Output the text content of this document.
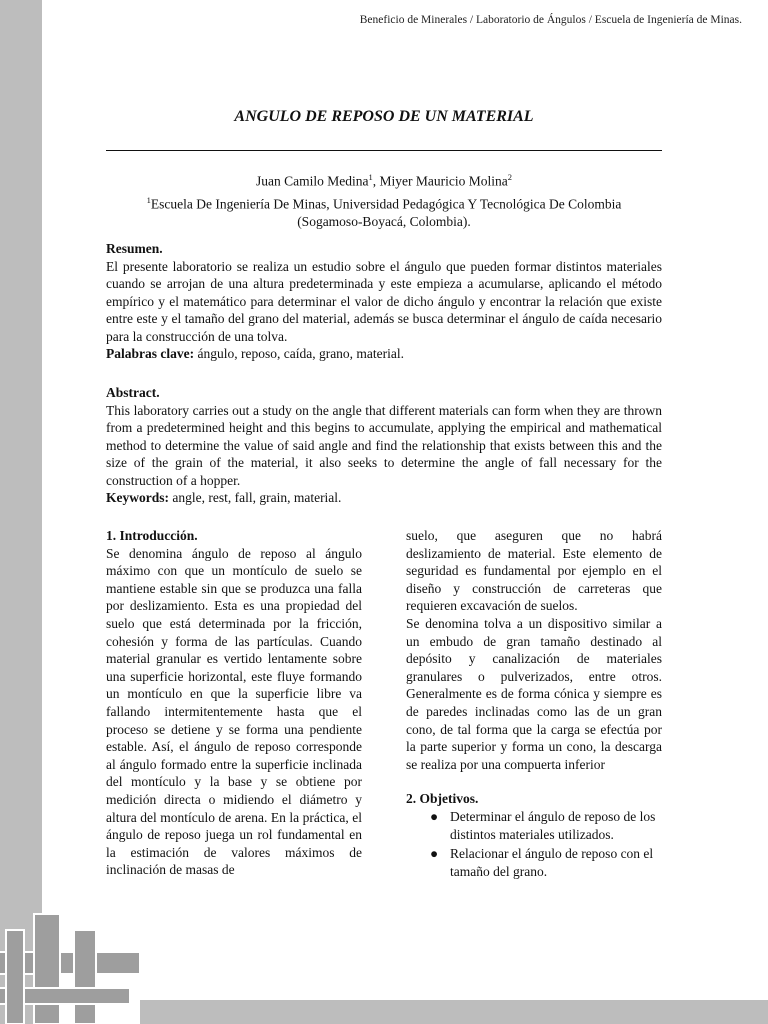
Beneficio de Minerales / Laboratorio de Ángulos / Escuela de Ingeniería de Minas.
ANGULO DE REPOSO DE UN MATERIAL
Juan Camilo Medina$^1$, Miyer Mauricio Molina$^2$
$^1$Escuela De Ingeniería De Minas, Universidad Pedagógica Y Tecnológica De Colombia
(Sogamoso-Boyacá, Colombia).
Resumen.

El presente laboratorio se realiza un estudio sobre el ángulo que pueden formar distintos materiales cuando se arrojan de una altura predeterminada y este empieza a acumularse, aplicando el método empírico y el matemático para determinar el valor de dicho ángulo y encontrar la relación que existe entre este y el tamaño del grano del material, además se busca determinar el ángulo de caída necesario para la construcción de una tolva.

Palabras clave: ángulo, reposo, caída, grano, material.

Abstract.

This laboratory carries out a study on the angle that different materials can form when they are thrown from a predetermined height and this begins to accumulate, applying the empirical and mathematical method to determine the value of said angle and find the relationship that exists between this and the size of the grain of the material, it also seeks to determine the angle of fall necessary for the construction of a hopper.

Keywords: angle, rest, fall, grain, material.

1. Introducción.

Se denomina ángulo de reposo al ángulo máximo con que un montículo de suelo se mantiene estable sin que se produzca una falla por deslizamiento. Esta es una propiedad del suelo que está determinada por la fricción, cohesión y forma de las partículas. Cuando material granular es vertido lentamente sobre una superficie horizontal, este fluye formando un montículo en que la superficie libre va fallando intermitentemente hasta que el proceso se detiene y se forma una pendiente estable. Así, el ángulo de reposo corresponde al ángulo formado entre la superficie inclinada del montículo y la base y se obtiene por medición directa o midiendo el diámetro y altura del montículo de arena. En la práctica, el ángulo de reposo juega un rol fundamental en la estimación de valores máximos de inclinación de masas de

suelo, que aseguren que no habrá deslizamiento de material. Este elemento de seguridad es fundamental por ejemplo en el diseño y construcción de carreteras que requieren excavación de suelos.

Se denomina tolva a un dispositivo similar a un embudo de gran tamaño destinado al depósito y canalización de materiales granulares o pulverizados, entre otros. Generalmente es de forma cónica y siempre es de paredes inclinadas como las de un gran cono, de tal forma que la carga se efectúa por la parte superior y forma un cono, la descarga se realiza por una compuerta inferior

2. Objetivos.
● Determinar el ángulo de reposo de los distintos materiales utilizados.
● Relacionar el ángulo de reposo con el tamaño del grano.
